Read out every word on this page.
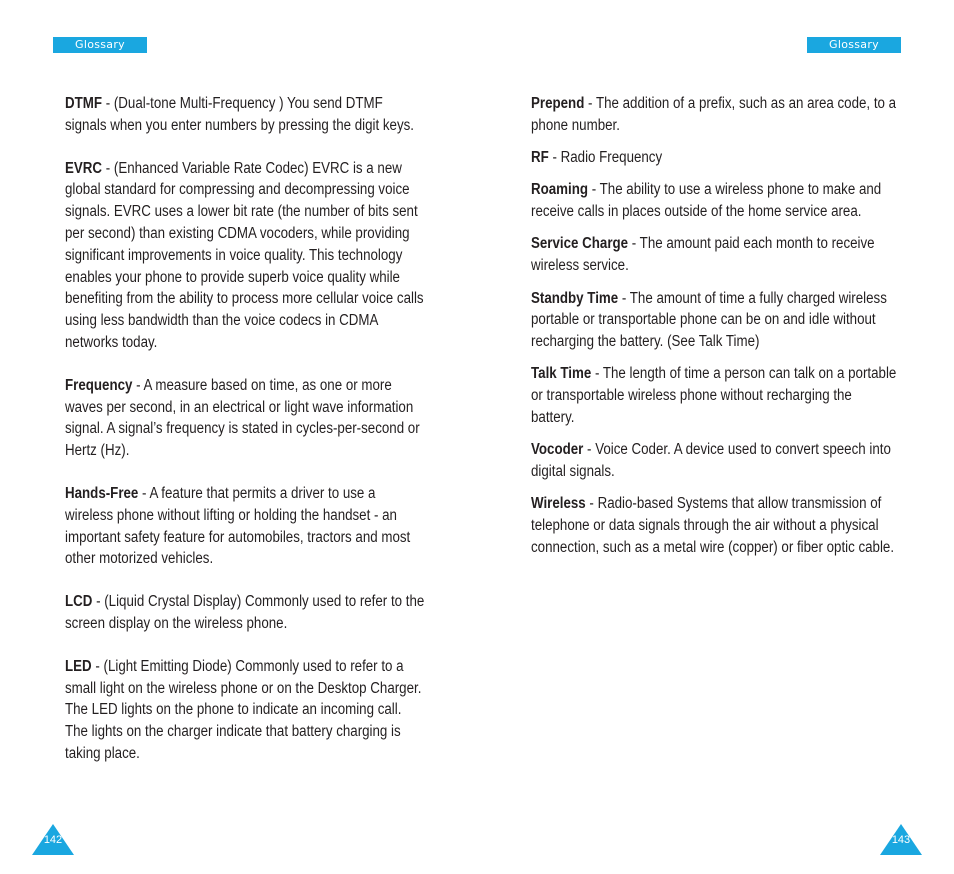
Glossary	Glossary

DTMF - (Dual-tone Multi-Frequency ) You send DTMF signals when you enter numbers by pressing the digit keys.

EVRC - (Enhanced Variable Rate Codec) EVRC is a new global standard for compressing and decompressing voice signals. EVRC uses a lower bit rate (the number of bits sent per second) than existing CDMA vocoders, while providing significant improvements in voice quality. This technology enables your phone to provide superb voice quality while benefiting from the ability to process more cellular voice calls using less bandwidth than the voice codecs in CDMA networks today.

Frequency - A measure based on time, as one or more waves per second, in an electrical or light wave information signal. A signal’s frequency is stated in cycles-per-second or Hertz (Hz).

Hands-Free - A feature that permits a driver to use a wireless phone without lifting or holding the handset - an important safety feature for automobiles, tractors and most other motorized vehicles.

LCD - (Liquid Crystal Display) Commonly used to refer to the screen display on the wireless phone.

LED - (Light Emitting Diode) Commonly used to refer to a small light on the wireless phone or on the Desktop Charger. The LED lights on the phone to indicate an incoming call. The lights on the charger indicate that battery charging is taking place.

Prepend - The addition of a prefix, such as an area code, to a phone number.

RF - Radio Frequency

Roaming - The ability to use a wireless phone to make and receive calls in places outside of the home service area.

Service Charge - The amount paid each month to receive wireless service.

Standby Time - The amount of time a fully charged wireless portable or transportable phone can be on and idle without recharging the battery. (See Talk Time)

Talk Time - The length of time a person can talk on a portable or transportable wireless phone without recharging the battery.

Vocoder - Voice Coder. A device used to convert speech into digital signals.

Wireless - Radio-based Systems that allow transmission of telephone or data signals through the air without a physical connection, such as a metal wire (copper) or fiber optic cable.

142	143
